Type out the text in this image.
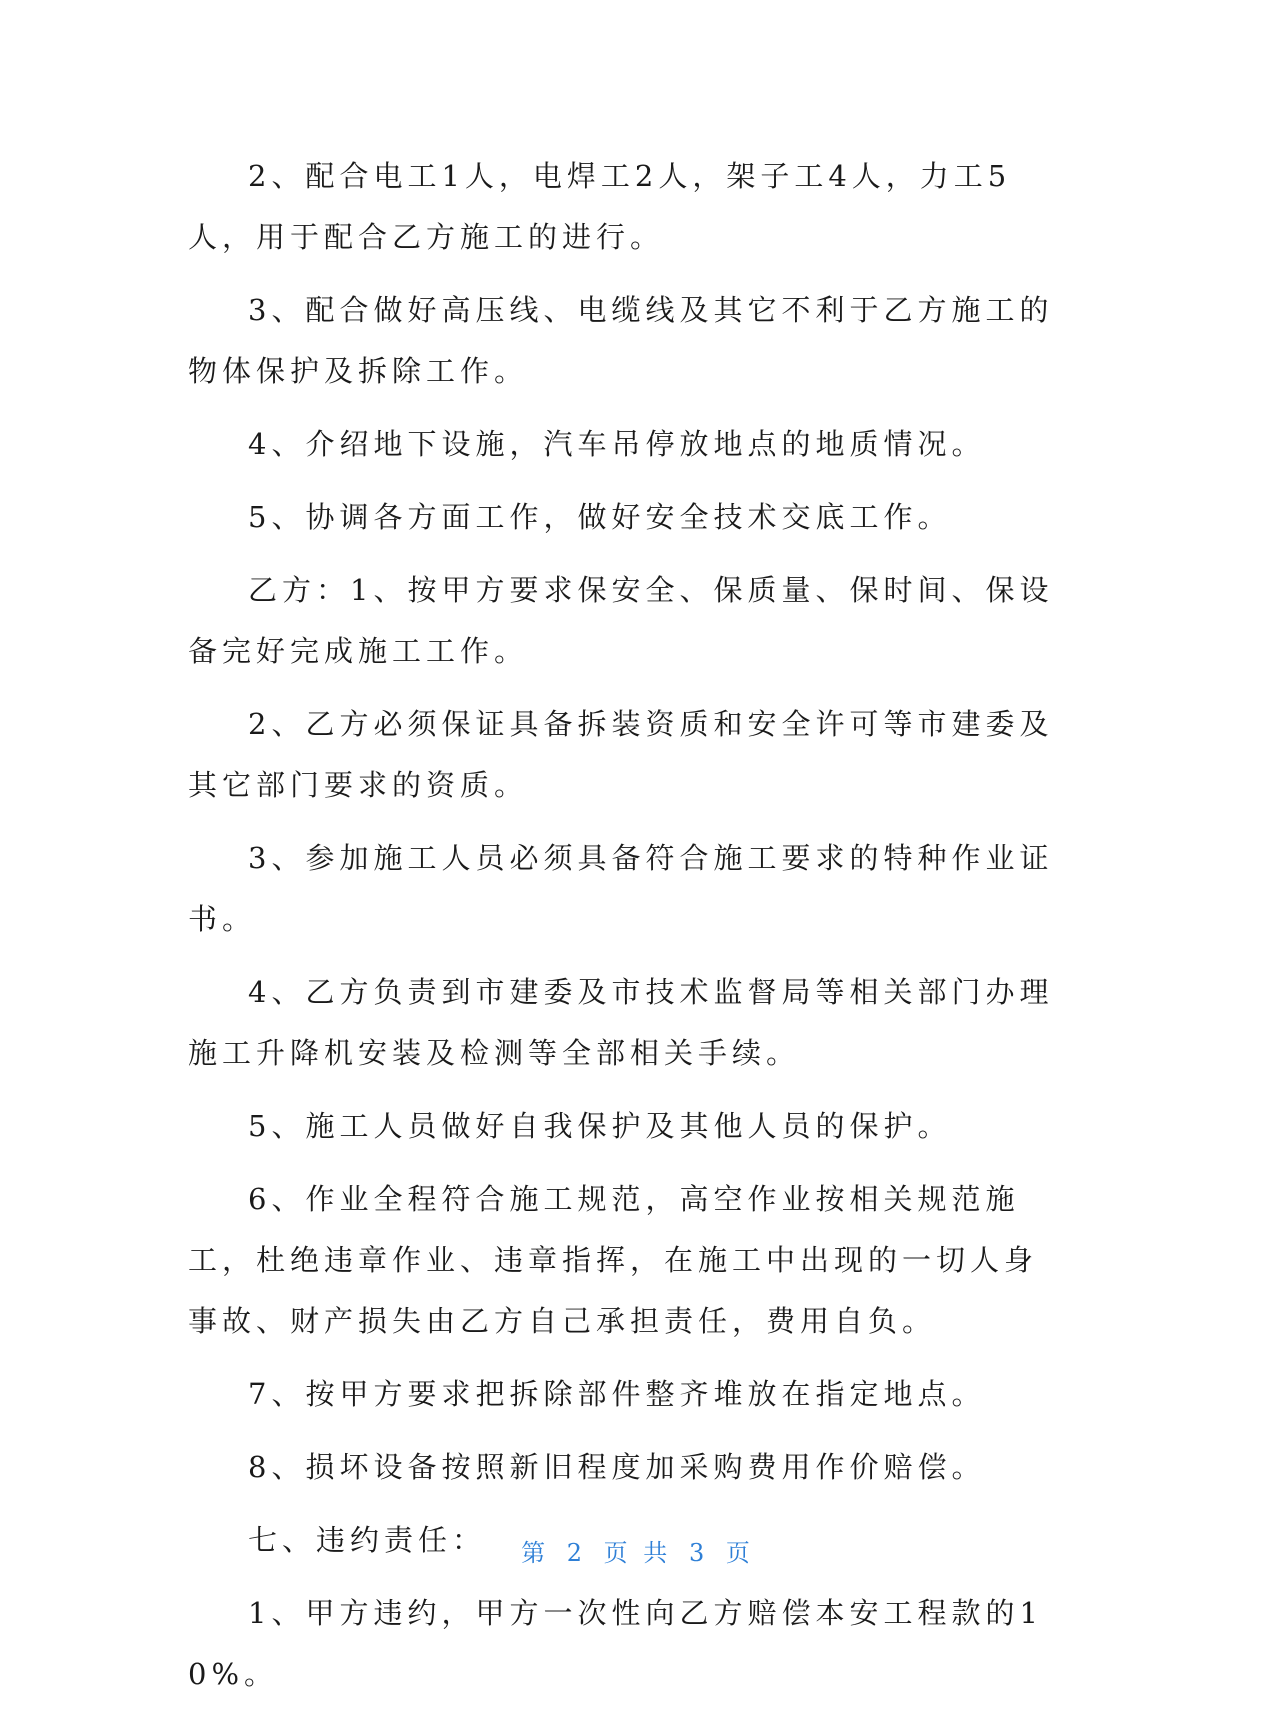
2、配合电工1人，电焊工2人，架子工4人，力工5人，用于配合乙方施工的进行。

3、配合做好高压线、电缆线及其它不利于乙方施工的物体保护及拆除工作。

4、介绍地下设施，汽车吊停放地点的地质情况。

5、协调各方面工作，做好安全技术交底工作。

乙方：1、按甲方要求保安全、保质量、保时间、保设备完好完成施工工作。

2、乙方必须保证具备拆装资质和安全许可等市建委及其它部门要求的资质。

3、参加施工人员必须具备符合施工要求的特种作业证书。

4、乙方负责到市建委及市技术监督局等相关部门办理施工升降机安装及检测等全部相关手续。

5、施工人员做好自我保护及其他人员的保护。

6、作业全程符合施工规范，高空作业按相关规范施工，杜绝违章作业、违章指挥，在施工中出现的一切人身事故、财产损失由乙方自己承担责任，费用自负。

7、按甲方要求把拆除部件整齐堆放在指定地点。

8、损坏设备按照新旧程度加采购费用作价赔偿。

七、违约责任：

1、甲方违约，甲方一次性向乙方赔偿本安工程款的10%。

第 2 页 共 3 页
